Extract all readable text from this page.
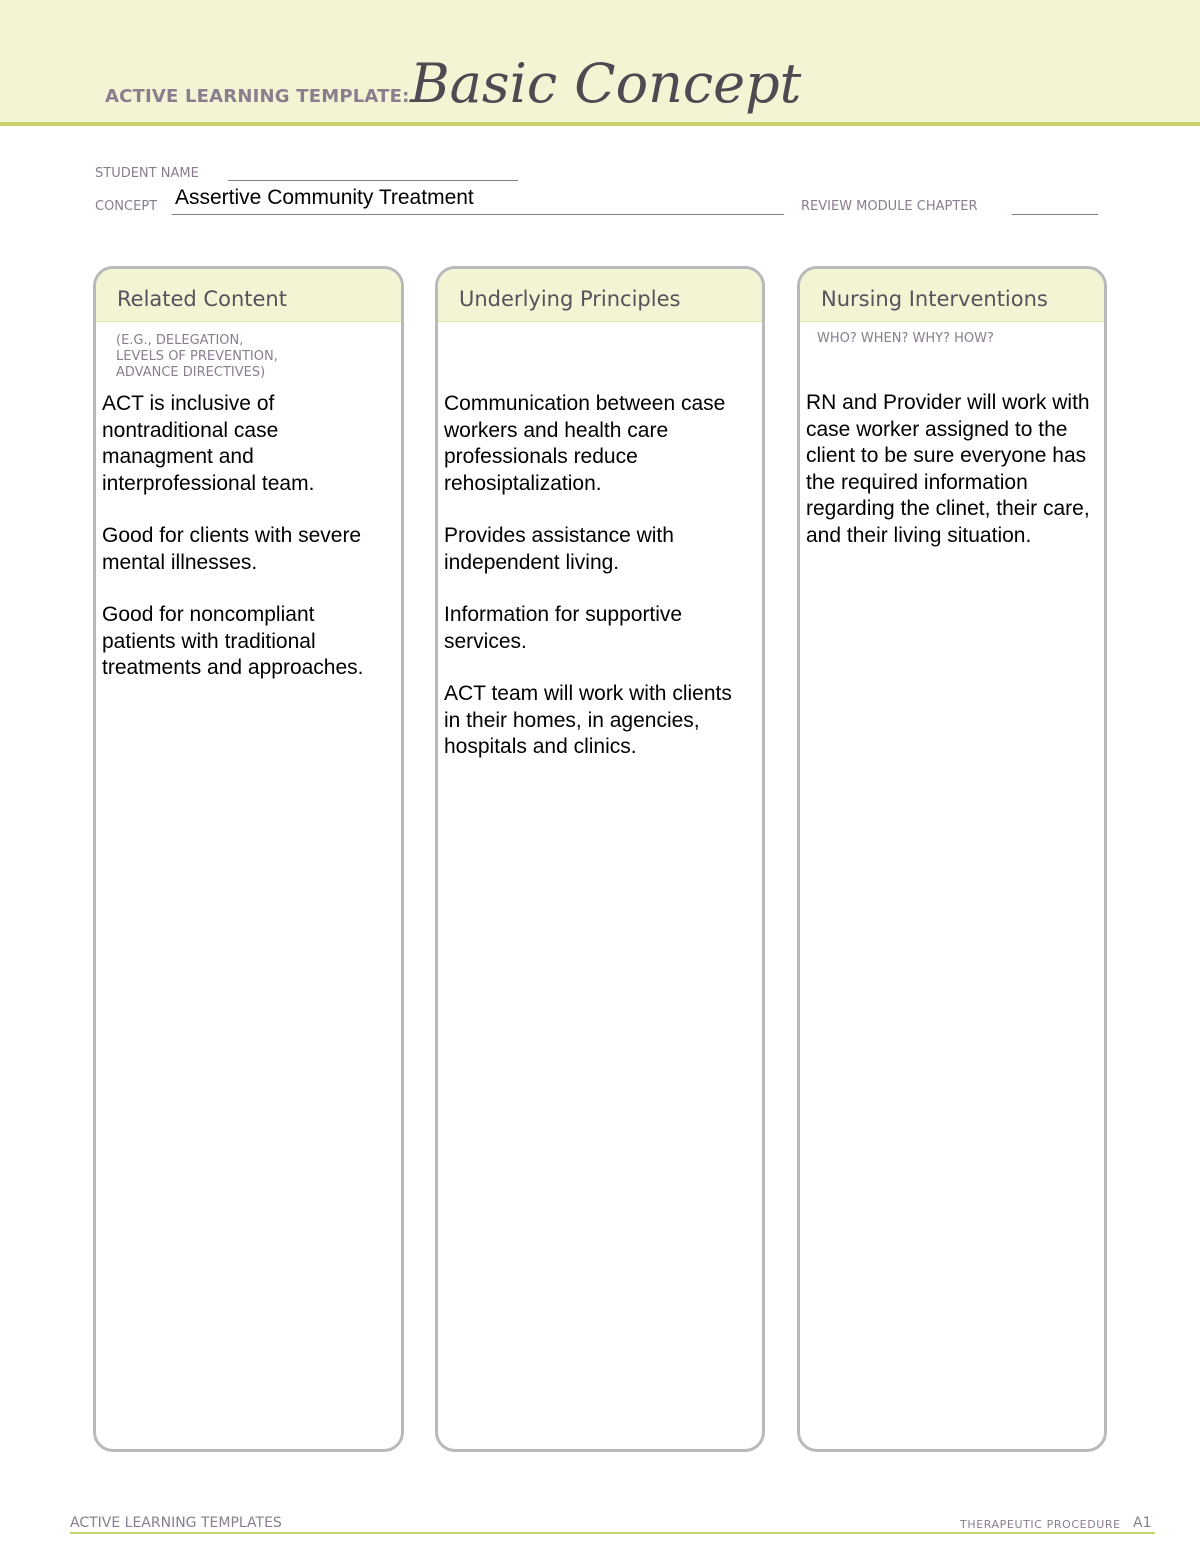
ACTIVE LEARNING TEMPLATE: Basic Concept
STUDENT NAME
CONCEPT Assertive Community Treatment	REVIEW MODULE CHAPTER
Related Content
(E.G., DELEGATION,
LEVELS OF PREVENTION,
ADVANCE DIRECTIVES)

ACT is inclusive of nontraditional case managment and interprofessional team.

Good for clients with severe mental illnesses.

Good for noncompliant patients with traditional treatments and approaches.

Underlying Principles

Communication between case workers and health care professionals reduce rehosiptalization.

Provides assistance with independent living.

Information for supportive services.

ACT team will work with clients in their homes, in agencies, hospitals and clinics.

Nursing Interventions
WHO? WHEN? WHY? HOW?

RN and Provider will work with case worker assigned to the client to be sure everyone has the required information regarding the clinet, their care, and their living situation.

ACTIVE LEARNING TEMPLATES	THERAPEUTIC PROCEDURE A1
